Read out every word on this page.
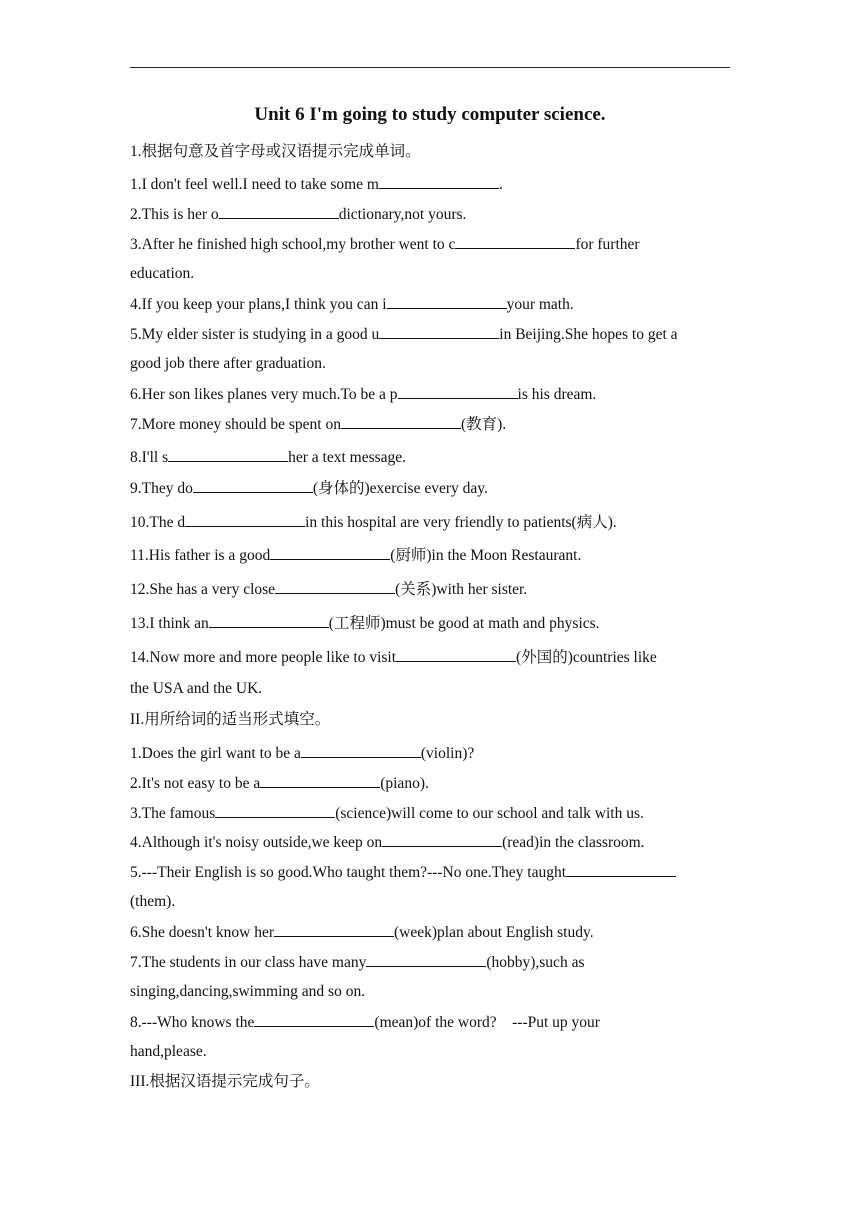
Unit 6 I'm going to study computer science.
1.根据句意及首字母或汉语提示完成单词。
1.I don't feel well.I need to take some m	.
2.This is her o	dictionary,not yours.
3.After he finished high school,my brother went to c	for further
education.
4.If you keep your plans,I think you can i	your math.
5.My elder sister is studying in a good u	in Beijing.She hopes to get a
good job there after graduation.
6.Her son likes planes very much.To be a p	is his dream.
7.More money should be spent on	(教育).
8.I'll s	her a text message.
9.They do	(身体的)exercise every day.
10.The d	in this hospital are very friendly to patients(病人).
11.His father is a good	(厨师)in the Moon Restaurant.
12.She has a very close	(关系)with her sister.
13.I think an	(工程师)must be good at math and physics.
14.Now more and more people like to visit	(外国的)countries like
the USA and the UK.
II.用所给词的适当形式填空。
1.Does the girl want to be a	(violin)?
2.It's not easy to be a	(piano).
3.The famous	(science)will come to our school and talk with us.
4.Although it's noisy outside,we keep on	(read)in the classroom.
5.---Their English is so good.Who taught them?---No one.They taught
(them).
6.She doesn't know her	(week)plan about English study.
7.The students in our class have many	(hobby),such as
singing,dancing,swimming and so on.
8.---Who knows the	(mean)of the word?    ---Put up your
hand,please.
III.根据汉语提示完成句子。
